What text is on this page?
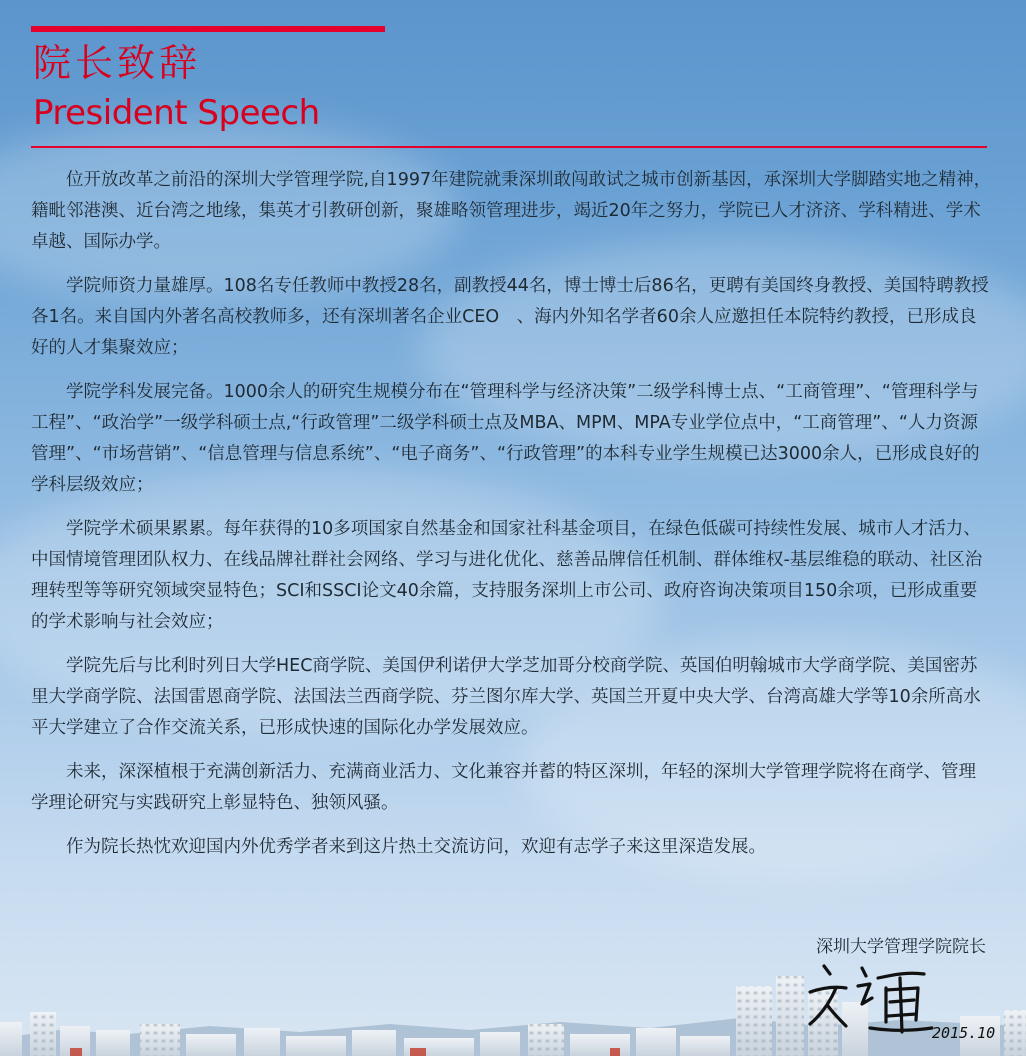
院长致辞
President Speech

位开放改革之前沿的深圳大学管理学院,自1997年建院就秉深圳敢闯敢试之城市创新基因，承深圳大学脚踏实地之精神，籍毗邻港澳、近台湾之地缘，集英才引教研创新，聚雄略领管理进步，竭近20年之努力，学院已人才济济、学科精进、学术卓越、国际办学。

学院师资力量雄厚。108名专任教师中教授28名，副教授44名，博士博士后86名，更聘有美国终身教授、美国特聘教授各1名。来自国内外著名高校教师多，还有深圳著名企业CEO　、海内外知名学者60余人应邀担任本院特约教授，已形成良好的人才集聚效应；

学院学科发展完备。1000余人的研究生规模分布在“管理科学与经济决策”二级学科博士点、“工商管理”、“管理科学与工程”、“政治学”一级学科硕士点,“行政管理”二级学科硕士点及MBA、MPM、MPA专业学位点中，“工商管理”、“人力资源管理”、“市场营销”、“信息管理与信息系统”、“电子商务”、“行政管理”的本科专业学生规模已达3000余人，已形成良好的学科层级效应；

学院学术硕果累累。每年获得的10多项国家自然基金和国家社科基金项目，在绿色低碳可持续性发展、城市人才活力、中国情境管理团队权力、在线品牌社群社会网络、学习与进化优化、慈善品牌信任机制、群体维权-基层维稳的联动、社区治理转型等等研究领域突显特色；SCI和SSCI论文40余篇，支持服务深圳上市公司、政府咨询决策项目150余项，已形成重要的学术影响与社会效应；

学院先后与比利时列日大学HEC商学院、美国伊利诺伊大学芝加哥分校商学院、英国伯明翰城市大学商学院、美国密苏里大学商学院、法国雷恩商学院、法国法兰西商学院、芬兰图尔库大学、英国兰开夏中央大学、台湾高雄大学等10余所高水平大学建立了合作交流关系，已形成快速的国际化办学发展效应。

未来，深深植根于充满创新活力、充满商业活力、文化兼容并蓄的特区深圳，年轻的深圳大学管理学院将在商学、管理学理论研究与实践研究上彰显特色、独领风骚。

作为院长热忱欢迎国内外优秀学者来到这片热土交流访问，欢迎有志学子来这里深造发展。

深圳大学管理学院院长
2015.10
